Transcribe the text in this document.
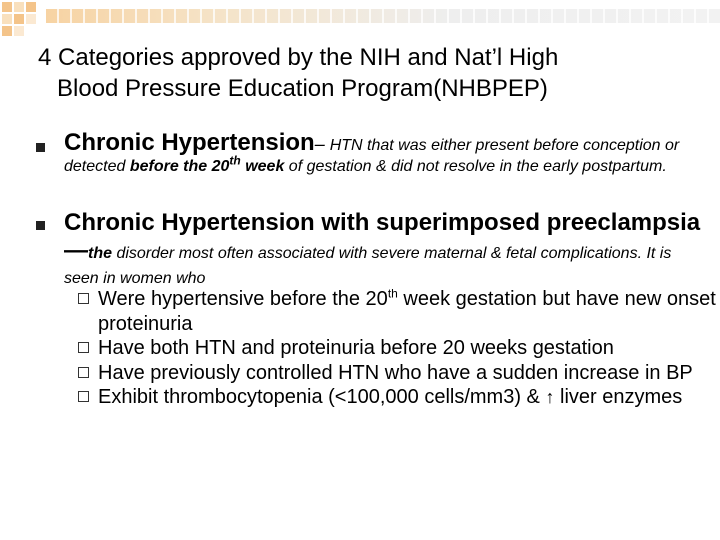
4 Categories approved by the NIH and Nat’l High
Blood Pressure Education Program(NHBPEP)
Chronic Hypertension– HTN that was either present before conception or detected before the 20th week of gestation & did not resolve in the early postpartum.
Chronic Hypertension with superimposed preeclampsia—the disorder most often associated with severe maternal & fetal complications. It is seen in women who
Were hypertensive before the 20th week gestation but have new onset proteinuria
Have both HTN and proteinuria before 20 weeks gestation
Have previously controlled HTN who have a sudden increase in BP
Exhibit thrombocytopenia (<100,000 cells/mm3) & ↑ liver enzymes
